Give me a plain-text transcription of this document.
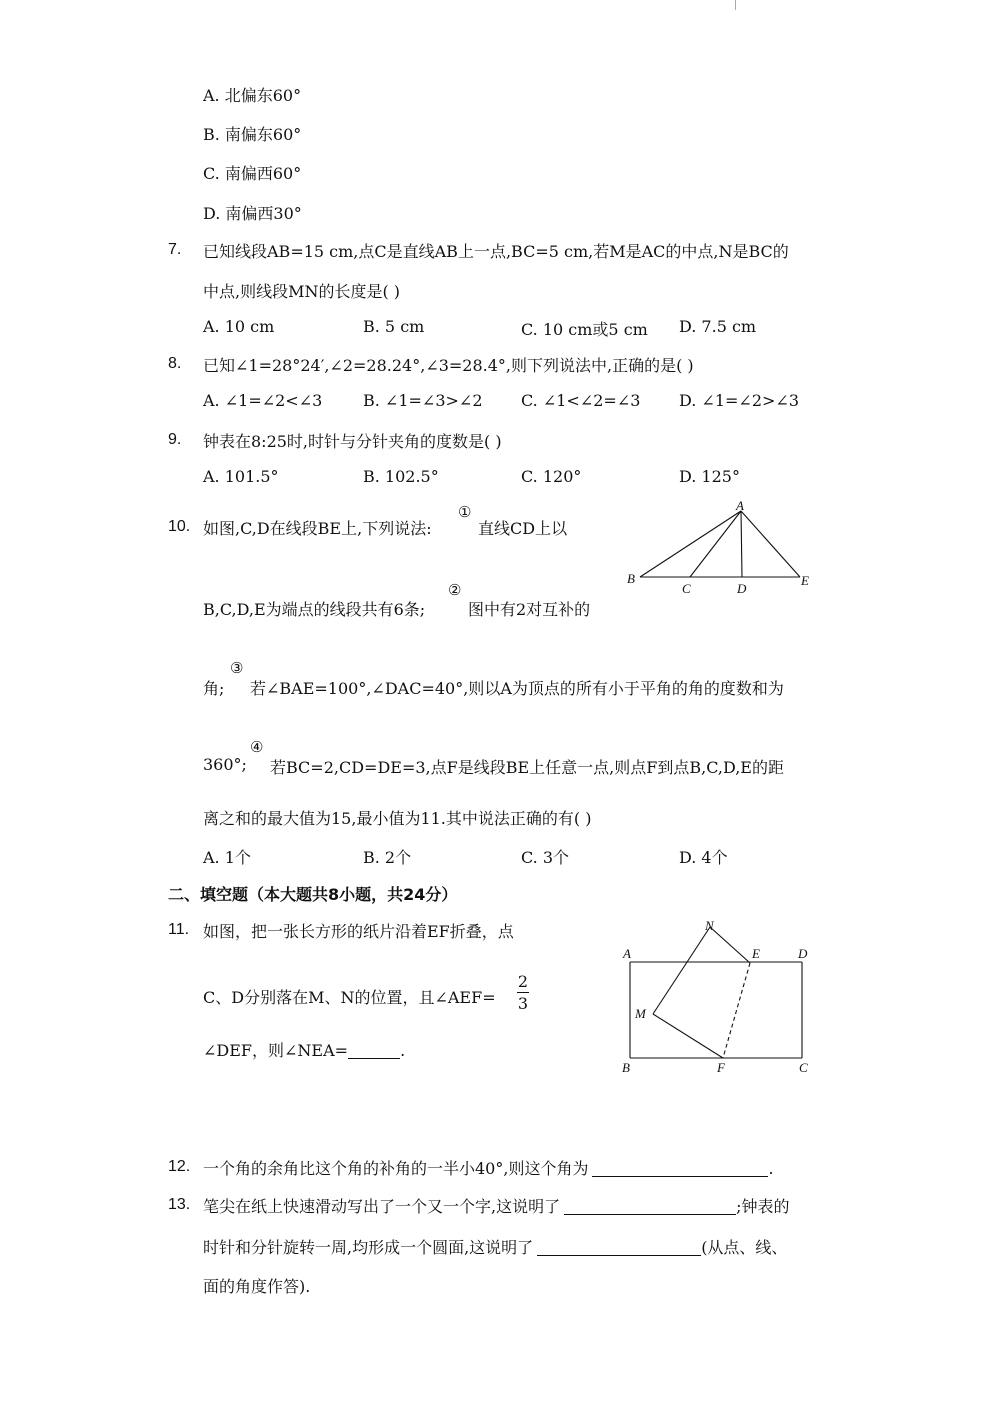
A. 北偏东60°
B. 南偏东60°
C. 南偏西60°
D. 南偏西30°
7. 已知线段AB=15 cm,点C是直线AB上一点,BC=5 cm,若M是AC的中点,N是BC的
中点,则线段MN的长度是( )
A. 10 cm	B. 5 cm	C. 10 cm或5 cm D. 7.5 cm
8. 已知∠1=28°24′,∠2=28.24°,∠3=28.4°,则下列说法中,正确的是( )
A. ∠1=∠2<∠3	B. ∠1=∠3>∠2 C. ∠1<∠2=∠3 D. ∠1=∠2>∠3
9. 钟表在8:25时,时针与分针夹角的度数是( )
A. 101.5°	B. 102.5°	C. 120°	D. 125°
10. 如图,C,D在线段BE上,下列说法:
①
直线CD上以
B,C,D,E为端点的线段共有6条;
②
图中有2对互补的
角;
③
若∠BAE=100°,∠DAC=40°,则以A为顶点的所有小于平角的角的度数和为
360°;
④
若BC=2,CD=DE=3,点F是线段BE上任意一点,则点F到点B,C,D,E的距
离之和的最大值为15,最小值为11.其中说法正确的有( )
A. 1个	B. 2个	C. 3个	D. 4个
A
B
C	D
E
二、填空题（本大题共8小题，共24分）
11. 如图，把一张长方形的纸片沿着EF折叠，点
C、D分别落在M、N的位置，且∠AEF=
2
3
∠DEF，则∠NEA=	.
N
A	E	D
M
B	F	C
12. 一个角的余角比这个角的补角的一半小40°,则这个角为	.
13. 笔尖在纸上快速滑动写出了一个又一个字,这说明了	;钟表的
时针和分针旋转一周,均形成一个圆面,这说明了	(从点、线、
面的角度作答).
